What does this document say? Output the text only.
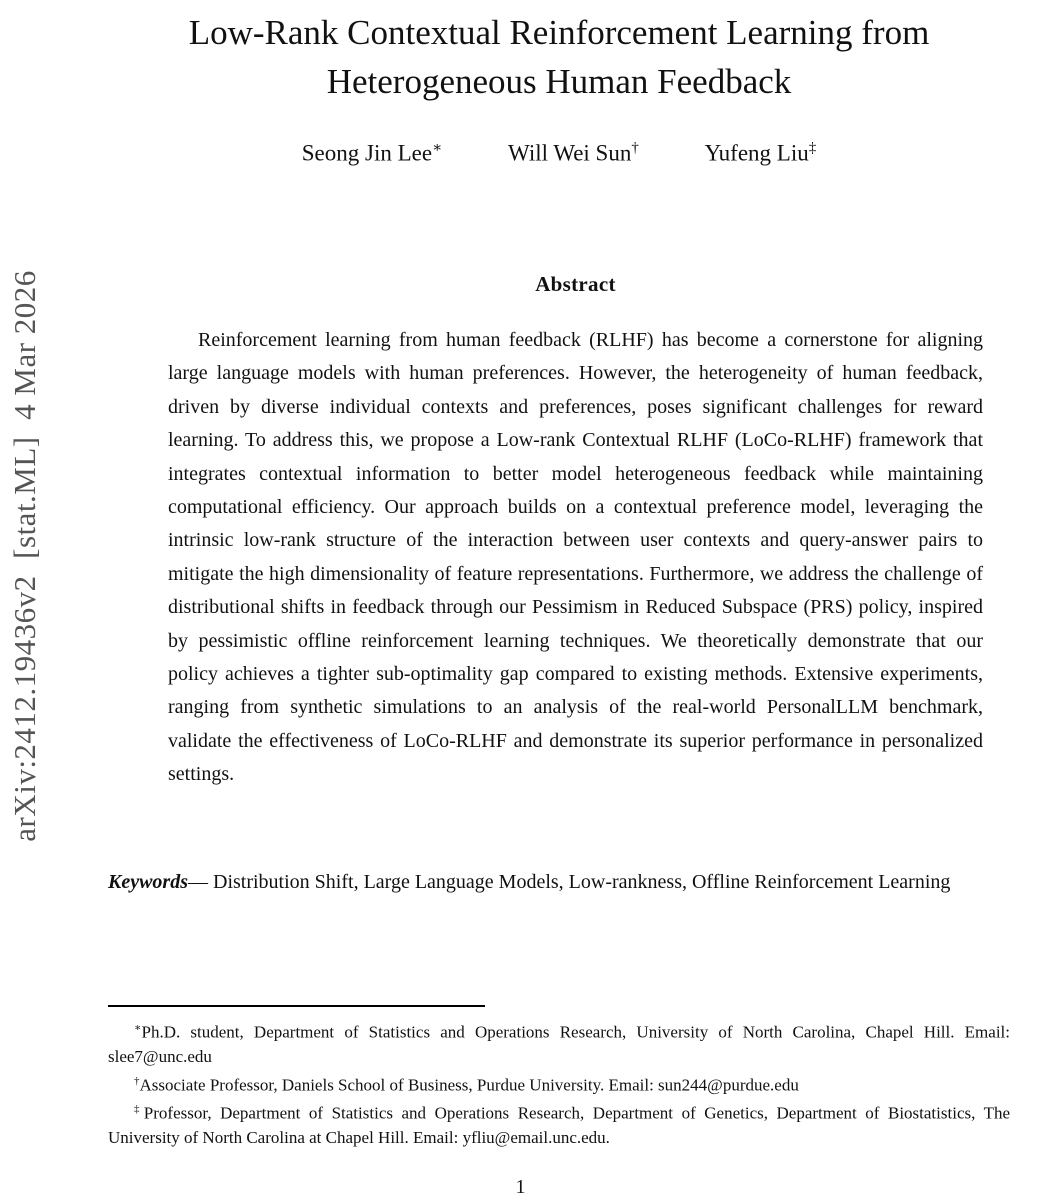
arXiv:2412.19436v2  [stat.ML]  4 Mar 2026
Low-Rank Contextual Reinforcement Learning from Heterogeneous Human Feedback
Seong Jin Lee∗	Will Wei Sun†	Yufeng Liu‡
Abstract

Reinforcement learning from human feedback (RLHF) has become a cornerstone for aligning large language models with human preferences. However, the heterogeneity of human feedback, driven by diverse individual contexts and preferences, poses significant challenges for reward learning. To address this, we propose a Low-rank Contextual RLHF (LoCo-RLHF) framework that integrates contextual information to better model heterogeneous feedback while maintaining computational efficiency. Our approach builds on a contextual preference model, leveraging the intrinsic low-rank structure of the interaction between user contexts and query-answer pairs to mitigate the high dimensionality of feature representations. Furthermore, we address the challenge of distributional shifts in feedback through our Pessimism in Reduced Subspace (PRS) policy, inspired by pessimistic offline reinforcement learning techniques. We theoretically demonstrate that our policy achieves a tighter sub-optimality gap compared to existing methods. Extensive experiments, ranging from synthetic simulations to an analysis of the real-world PersonalLLM benchmark, validate the effectiveness of LoCo-RLHF and demonstrate its superior performance in personalized settings.

Keywords— Distribution Shift, Large Language Models, Low-rankness, Offline Reinforcement Learning

∗Ph.D. student, Department of Statistics and Operations Research, University of North Carolina, Chapel Hill. Email: slee7@unc.edu

†Associate Professor, Daniels School of Business, Purdue University. Email: sun244@purdue.edu

‡Professor, Department of Statistics and Operations Research, Department of Genetics, Department of Biostatistics, The University of North Carolina at Chapel Hill. Email: yfliu@email.unc.edu.

1
